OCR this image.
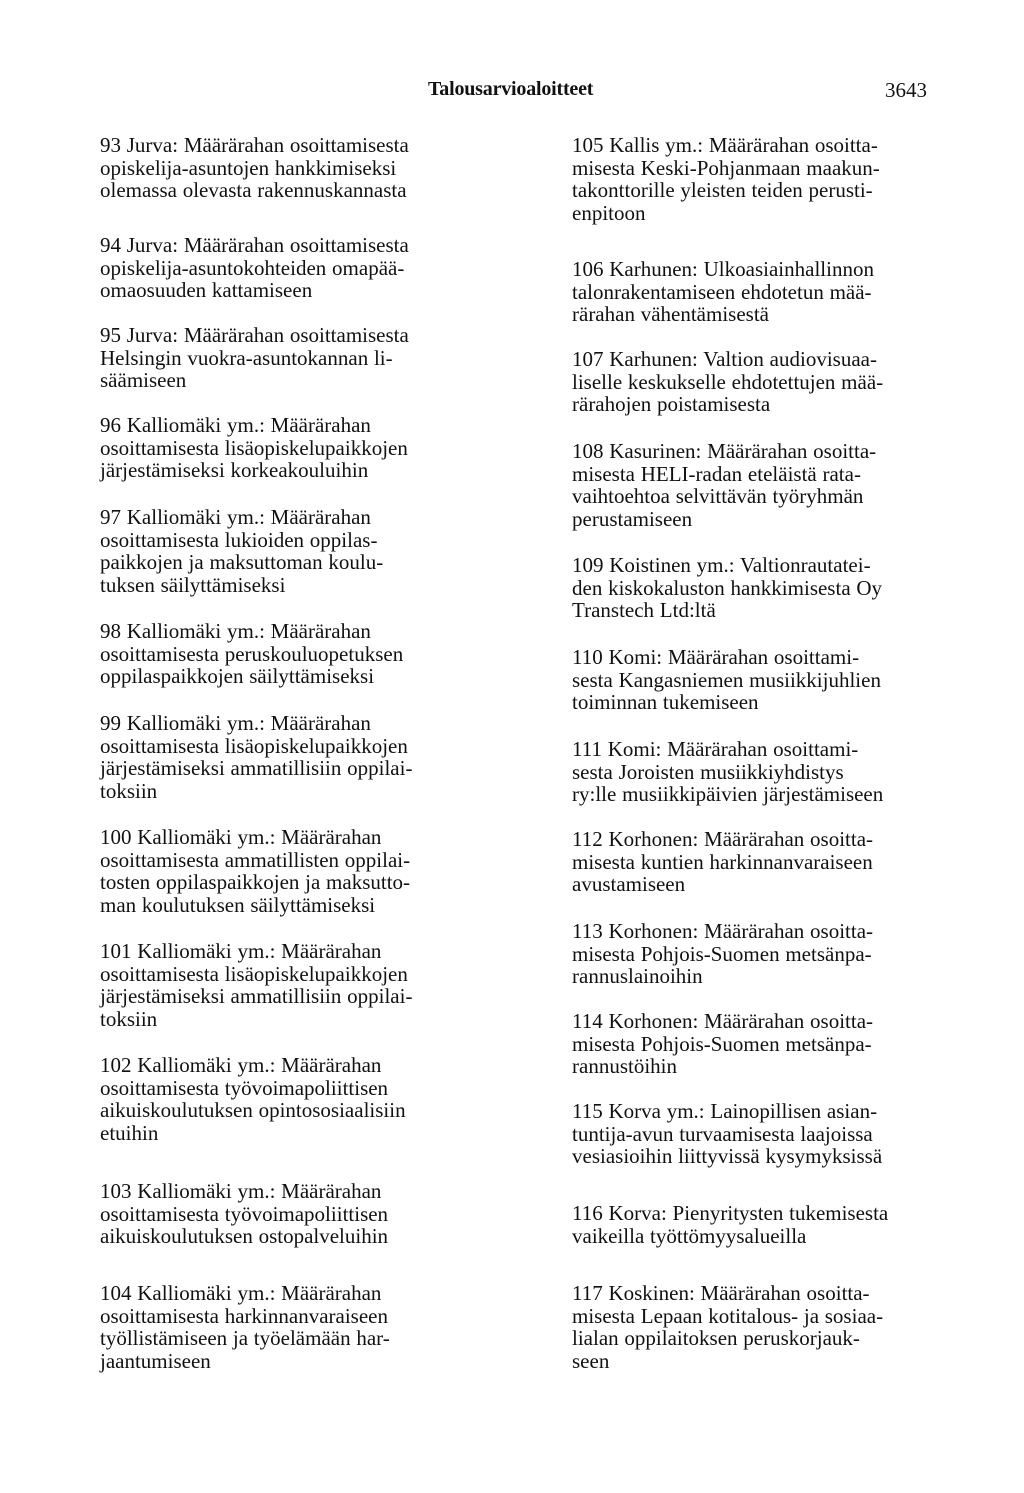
Talousarvioaloitteet	3643

93 Jurva: Määrärahan osoittamisesta
opiskelija-asuntojen hankkimiseksi
olemassa olevasta rakennuskannasta

94 Jurva: Määrärahan osoittamisesta
opiskelija-asuntokohteiden omapää-
omaosuuden kattamiseen

95 Jurva: Määrärahan osoittamisesta
Helsingin vuokra-asuntokannan li-
säämiseen

96 Kalliomäki ym.: Määrärahan
osoittamisesta lisäopiskelupaikkojen
järjestämiseksi korkeakouluihin

97 Kalliomäki ym.: Määrärahan
osoittamisesta lukioiden oppilas-
paikkojen ja maksuttoman koulu-
tuksen säilyttämiseksi

98 Kalliomäki ym.: Määrärahan
osoittamisesta peruskouluopetuksen
oppilaspaikkojen säilyttämiseksi

99 Kalliomäki ym.: Määrärahan
osoittamisesta lisäopiskelupaikkojen
järjestämiseksi ammatillisiin oppilai-
toksiin

100 Kalliomäki ym.: Määrärahan
osoittamisesta ammatillisten oppilai-
tosten oppilaspaikkojen ja maksutto-
man koulutuksen säilyttämiseksi

101 Kalliomäki ym.: Määrärahan
osoittamisesta lisäopiskelupaikkojen
järjestämiseksi ammatillisiin oppilai-
toksiin

102 Kalliomäki ym.: Määrärahan
osoittamisesta työvoimapoliittisen
aikuiskoulutuksen opintososiaalisiin
etuihin

103 Kalliomäki ym.: Määrärahan
osoittamisesta työvoimapoliittisen
aikuiskoulutuksen ostopalveluihin

104 Kalliomäki ym.: Määrärahan
osoittamisesta harkinnanvaraiseen
työllistämiseen ja työelämään har-
jaantumiseen

105 Kallis ym.: Määrärahan osoitta-
misesta Keski-Pohjanmaan maakun-
takonttorille yleisten teiden perusti-
enpitoon

106 Karhunen: Ulkoasiainhallinnon
talonrakentamiseen ehdotetun mää-
rärahan vähentämisestä

107 Karhunen: Valtion audiovisuaa-
liselle keskukselle ehdotettujen mää-
rärahojen poistamisesta

108 Kasurinen: Määrärahan osoitta-
misesta HELI-radan eteläistä rata-
vaihtoehtoa selvittävän työryhmän
perustamiseen

109 Koistinen ym.: Valtionrautatei-
den kiskokaluston hankkimisesta Oy
Transtech Ltd:ltä

110 Komi: Määrärahan osoittami-
sesta Kangasniemen musiikkijuhlien
toiminnan tukemiseen

111 Komi: Määrärahan osoittami-
sesta Joroisten musiikkiyhdistys
ry:lle musiikkipäivien järjestämiseen

112 Korhonen: Määrärahan osoitta-
misesta kuntien harkinnanvaraiseen
avustamiseen

113 Korhonen: Määrärahan osoitta-
misesta Pohjois-Suomen metsänpa-
rannuslainoihin

114 Korhonen: Määrärahan osoitta-
misesta Pohjois-Suomen metsänpa-
rannustöihin

115 Korva ym.: Lainopillisen asian-
tuntija-avun turvaamisesta laajoissa
vesiasioihin liittyvissä kysymyksissä

116 Korva: Pienyritysten tukemisesta
vaikeilla työttömyysalueilla

117 Koskinen: Määrärahan osoitta-
misesta Lepaan kotitalous- ja sosiaa-
lialan oppilaitoksen peruskorjauk-
seen
